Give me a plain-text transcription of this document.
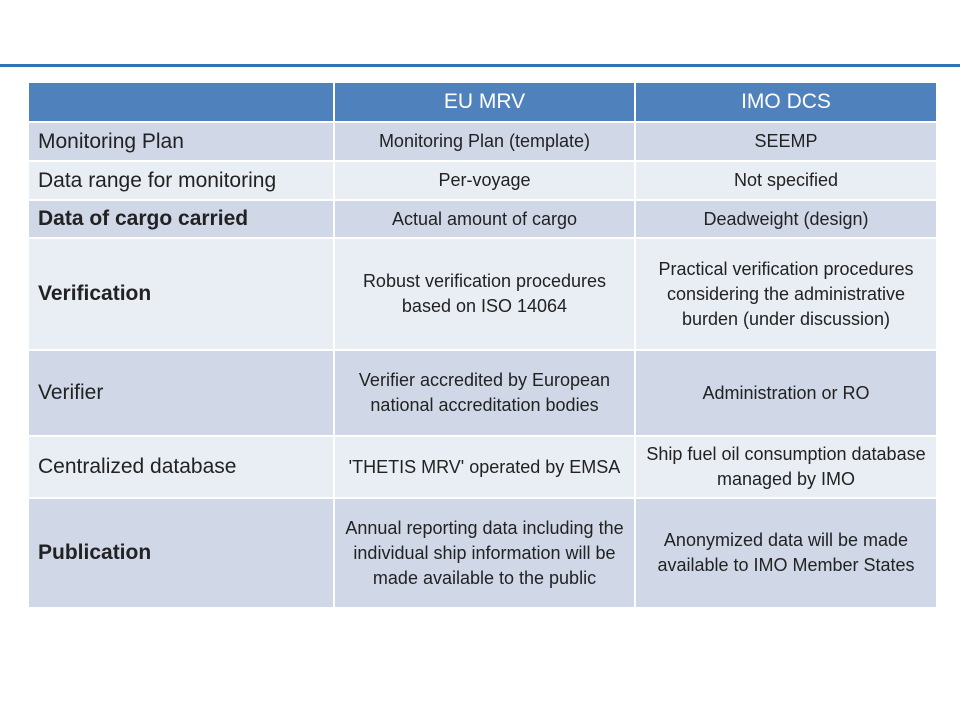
	EU MRV	IMO DCS
Monitoring Plan	Monitoring Plan (template)	SEEMP
Data range for monitoring	Per-voyage	Not specified
Data of cargo carried	Actual amount of cargo	Deadweight (design)
Verification	Robust verification procedures based on ISO 14064	Practical verification procedures considering the administrative burden (under discussion)
Verifier	Verifier accredited by European national accreditation bodies	Administration or RO
Centralized database	'THETIS MRV' operated by EMSA	Ship fuel oil consumption database managed by IMO
Publication	Annual reporting data including the individual ship information will be made available to the public	Anonymized data will be made available to IMO Member States
